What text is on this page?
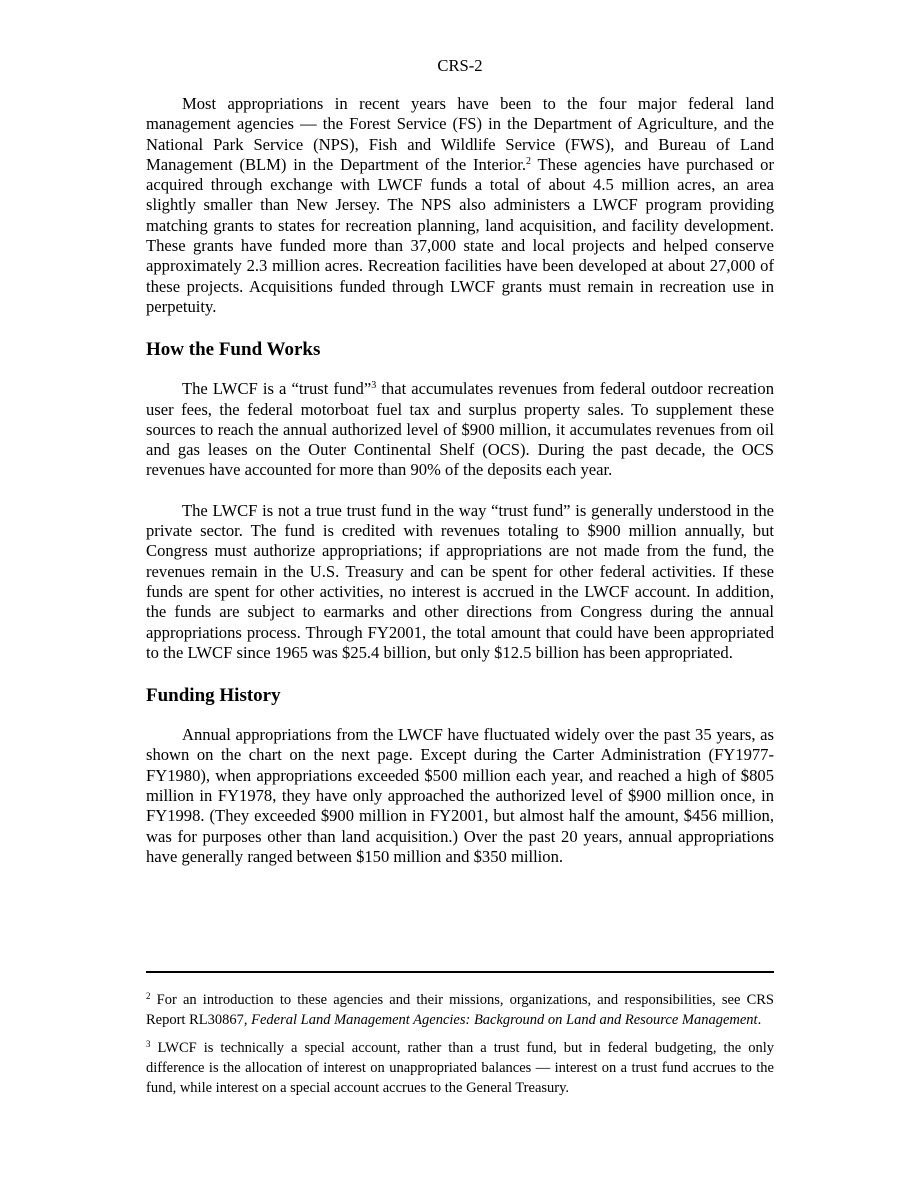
CRS-2

Most appropriations in recent years have been to the four major federal land management agencies — the Forest Service (FS) in the Department of Agriculture, and the National Park Service (NPS), Fish and Wildlife Service (FWS), and Bureau of Land Management (BLM) in the Department of the Interior.$^2$ These agencies have purchased or acquired through exchange with LWCF funds a total of about 4.5 million acres, an area slightly smaller than New Jersey. The NPS also administers a LWCF program providing matching grants to states for recreation planning, land acquisition, and facility development. These grants have funded more than 37,000 state and local projects and helped conserve approximately 2.3 million acres. Recreation facilities have been developed at about 27,000 of these projects. Acquisitions funded through LWCF grants must remain in recreation use in perpetuity.

How the Fund Works

The LWCF is a “trust fund”$^3$ that accumulates revenues from federal outdoor recreation user fees, the federal motorboat fuel tax and surplus property sales. To supplement these sources to reach the annual authorized level of $900 million, it accumulates revenues from oil and gas leases on the Outer Continental Shelf (OCS). During the past decade, the OCS revenues have accounted for more than 90% of the deposits each year.

The LWCF is not a true trust fund in the way “trust fund” is generally understood in the private sector. The fund is credited with revenues totaling to $900 million annually, but Congress must authorize appropriations; if appropriations are not made from the fund, the revenues remain in the U.S. Treasury and can be spent for other federal activities. If these funds are spent for other activities, no interest is accrued in the LWCF account. In addition, the funds are subject to earmarks and other directions from Congress during the annual appropriations process. Through FY2001, the total amount that could have been appropriated to the LWCF since 1965 was $25.4 billion, but only $12.5 billion has been appropriated.

Funding History

Annual appropriations from the LWCF have fluctuated widely over the past 35 years, as shown on the chart on the next page. Except during the Carter Administration (FY1977-FY1980), when appropriations exceeded $500 million each year, and reached a high of $805 million in FY1978, they have only approached the authorized level of $900 million once, in FY1998. (They exceeded $900 million in FY2001, but almost half the amount, $456 million, was for purposes other than land acquisition.) Over the past 20 years, annual appropriations have generally ranged between $150 million and $350 million.

$^2$ For an introduction to these agencies and their missions, organizations, and responsibilities, see CRS Report RL30867, Federal Land Management Agencies: Background on Land and Resource Management.

$^3$ LWCF is technically a special account, rather than a trust fund, but in federal budgeting, the only difference is the allocation of interest on unappropriated balances — interest on a trust fund accrues to the fund, while interest on a special account accrues to the General Treasury.
